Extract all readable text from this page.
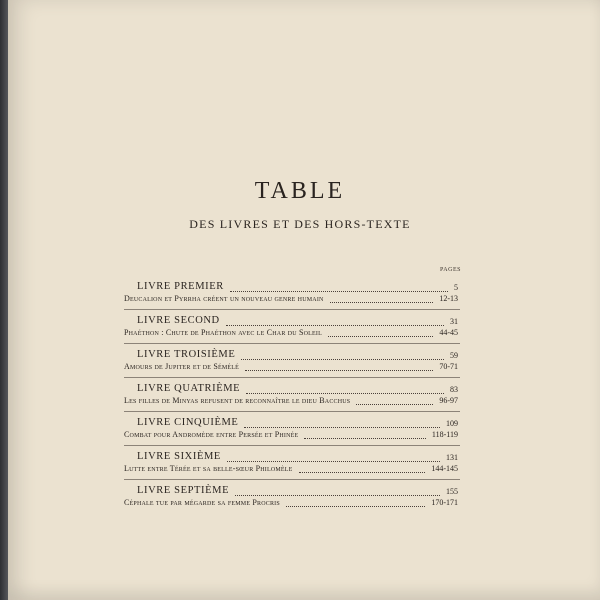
TABLE
DES LIVRES ET DES HORS-TEXTE
PAGES
LIVRE PREMIER	5
Deucalion et Pyrrha créent un nouveau genre humain	12-13
LIVRE SECOND	31
Phaéthon : Chute de Phaéthon avec le Char du Soleil	44-45
LIVRE TROISIÈME	59
Amours de Jupiter et de Sémélé	70-71
LIVRE QUATRIÈME	83
Les filles de Minyas refusent de reconnaître le dieu Bacchus	96-97
LIVRE CINQUIÈME	109
Combat pour Andromède entre Persée et Phinée	118-119
LIVRE SIXIÈME	131
Lutte entre Térée et sa belle-sœur Philomèle	144-145
LIVRE SEPTIÈME	155
Céphale tue par mégarde sa femme Procris	170-171
